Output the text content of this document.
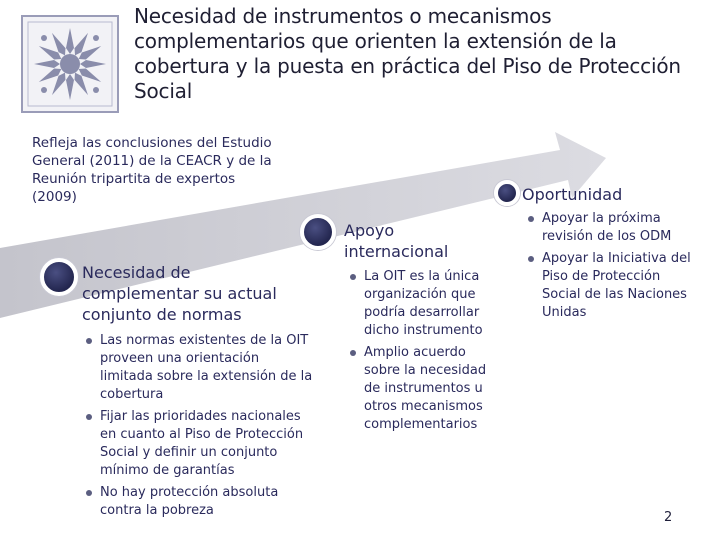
Necesidad de instrumentos o mecanismos complementarios que orienten la extensión de la cobertura y la puesta en práctica del Piso de Protección Social
Refleja las conclusiones del Estudio General (2011) de la CEACR y de la Reunión tripartita de expertos (2009)
Necesidad de complementar su actual conjunto de normas
Las normas existentes de la OIT proveen una orientación limitada sobre la extensión de la cobertura
Fijar las prioridades nacionales en cuanto al Piso de Protección Social y definir un conjunto mínimo de garantías
No hay protección absoluta contra la pobreza
Apoyo internacional
La OIT es la única organización que podría desarrollar dicho instrumento
Amplio acuerdo sobre la necesidad de instrumentos u otros mecanismos complementarios
Oportunidad
Apoyar la próxima revisión de los ODM
Apoyar la Iniciativa del Piso de Protección Social de las Naciones Unidas
2
